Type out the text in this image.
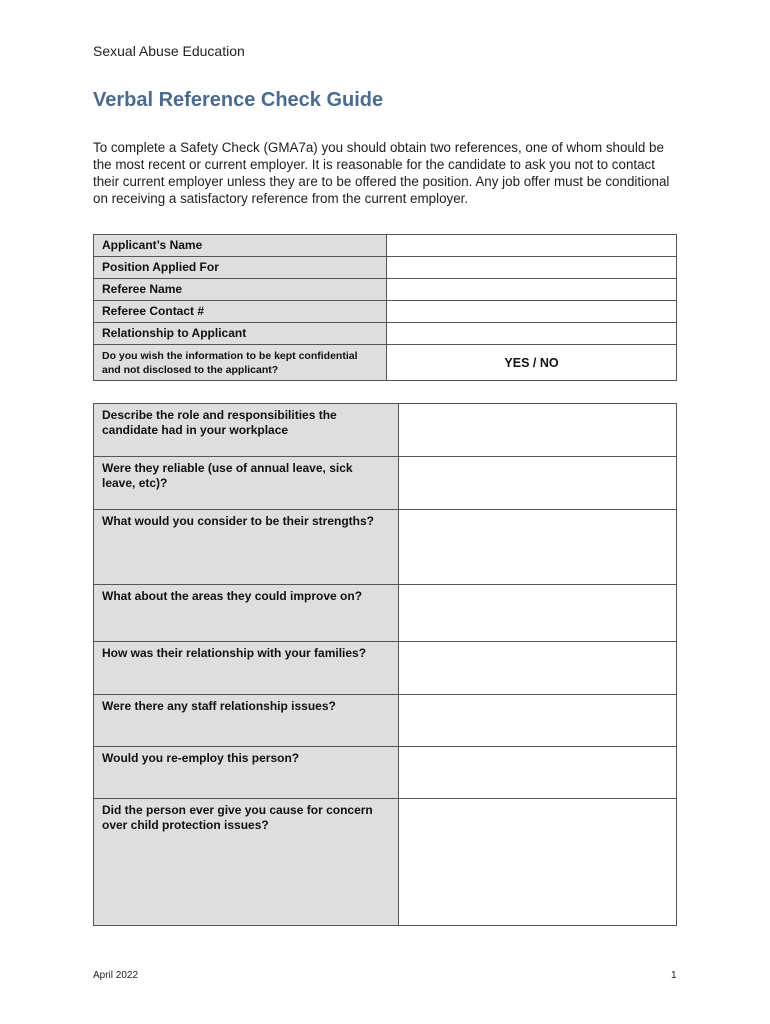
Sexual Abuse Education
Verbal Reference Check Guide

To complete a Safety Check (GMA7a) you should obtain two references, one of whom should be the most recent or current employer. It is reasonable for the candidate to ask you not to contact their current employer unless they are to be offered the position. Any job offer must be conditional on receiving a satisfactory reference from the current employer.

Applicant’s Name	
Position Applied For	
Referee Name	
Referee Contact #	
Relationship to Applicant	
Do you wish the information to be kept confidential and not disclosed to the applicant?	YES / NO
Describe the role and responsibilities the candidate had in your workplace	
Were they reliable (use of annual leave, sick leave, etc)?	
What would you consider to be their strengths?	
What about the areas they could improve on?	
How was their relationship with your families?	
Were there any staff relationship issues?	
Would you re-employ this person?	
Did the person ever give you cause for concern over child protection issues?	
April 2022	1
